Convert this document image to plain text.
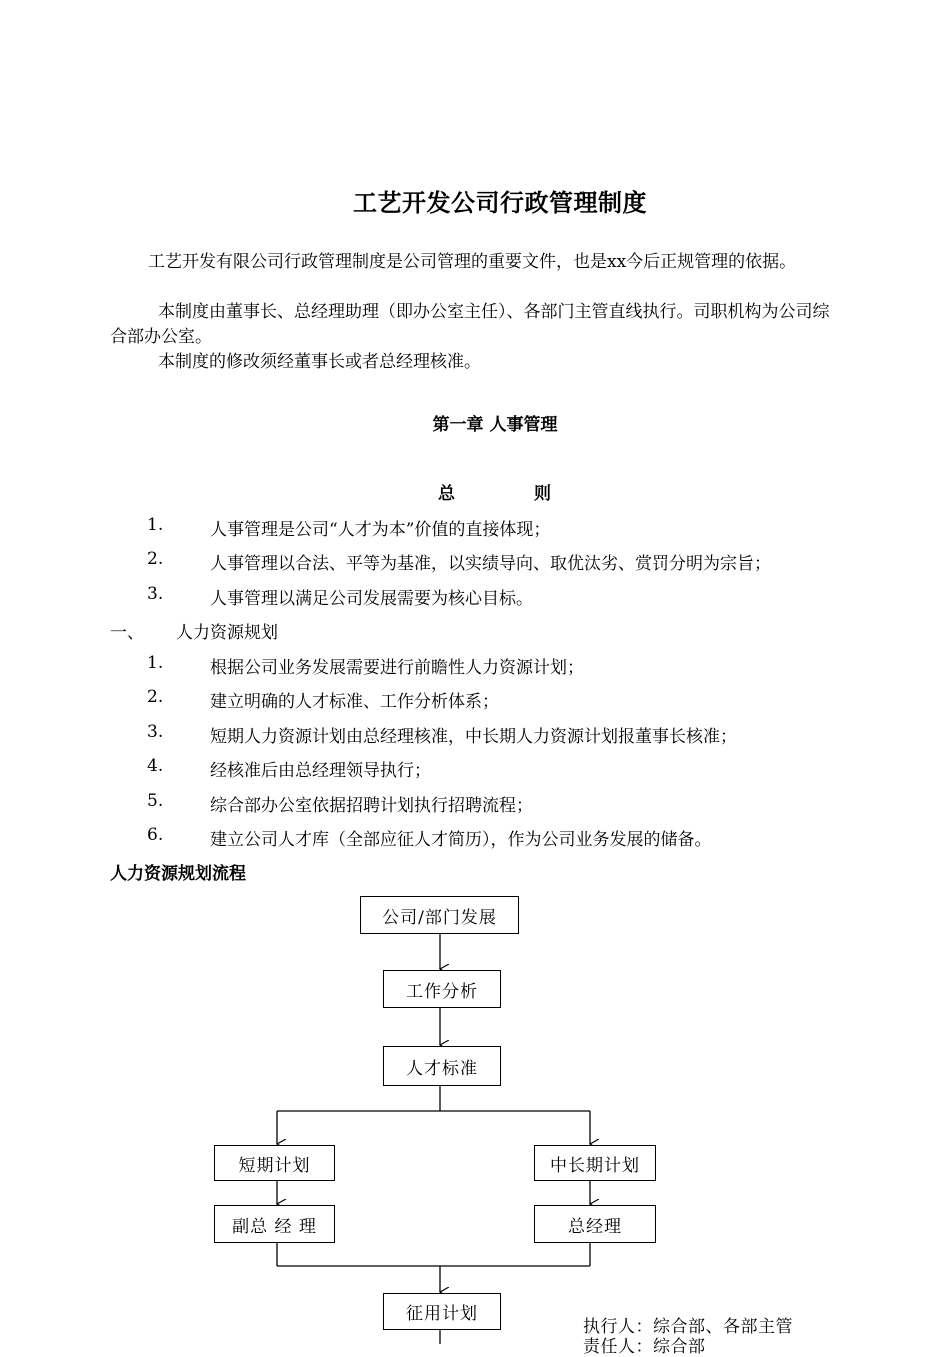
工艺开发公司行政管理制度
工艺开发有限公司行政管理制度是公司管理的重要文件，也是xx今后正规管理的依据。
本制度由董事长、总经理助理（即办公室主任）、各部门主管直线执行。司职机构为公司综合部办公室。
本制度的修改须经董事长或者总经理核准。
第一章 人事管理
总	则
1.	人事管理是公司“人才为本”价值的直接体现；
2.	人事管理以合法、平等为基准，以实绩导向、取优汰劣、赏罚分明为宗旨；
3.	人事管理以满足公司发展需要为核心目标。
一、 人力资源规划
1.	根据公司业务发展需要进行前瞻性人力资源计划；
2.	建立明确的人才标准、工作分析体系；
3.	短期人力资源计划由总经理核准，中长期人力资源计划报董事长核准；
4.	经核准后由总经理领导执行；
5.	综合部办公室依据招聘计划执行招聘流程；
6.	建立公司人才库（全部应征人才简历），作为公司业务发展的储备。
人力资源规划流程
公司/部门发展
工作分析
人才标准
短期计划	中长期计划
副总 经 理	总经理
征用计划
执行人：综合部、各部主管
责任人：综合部
